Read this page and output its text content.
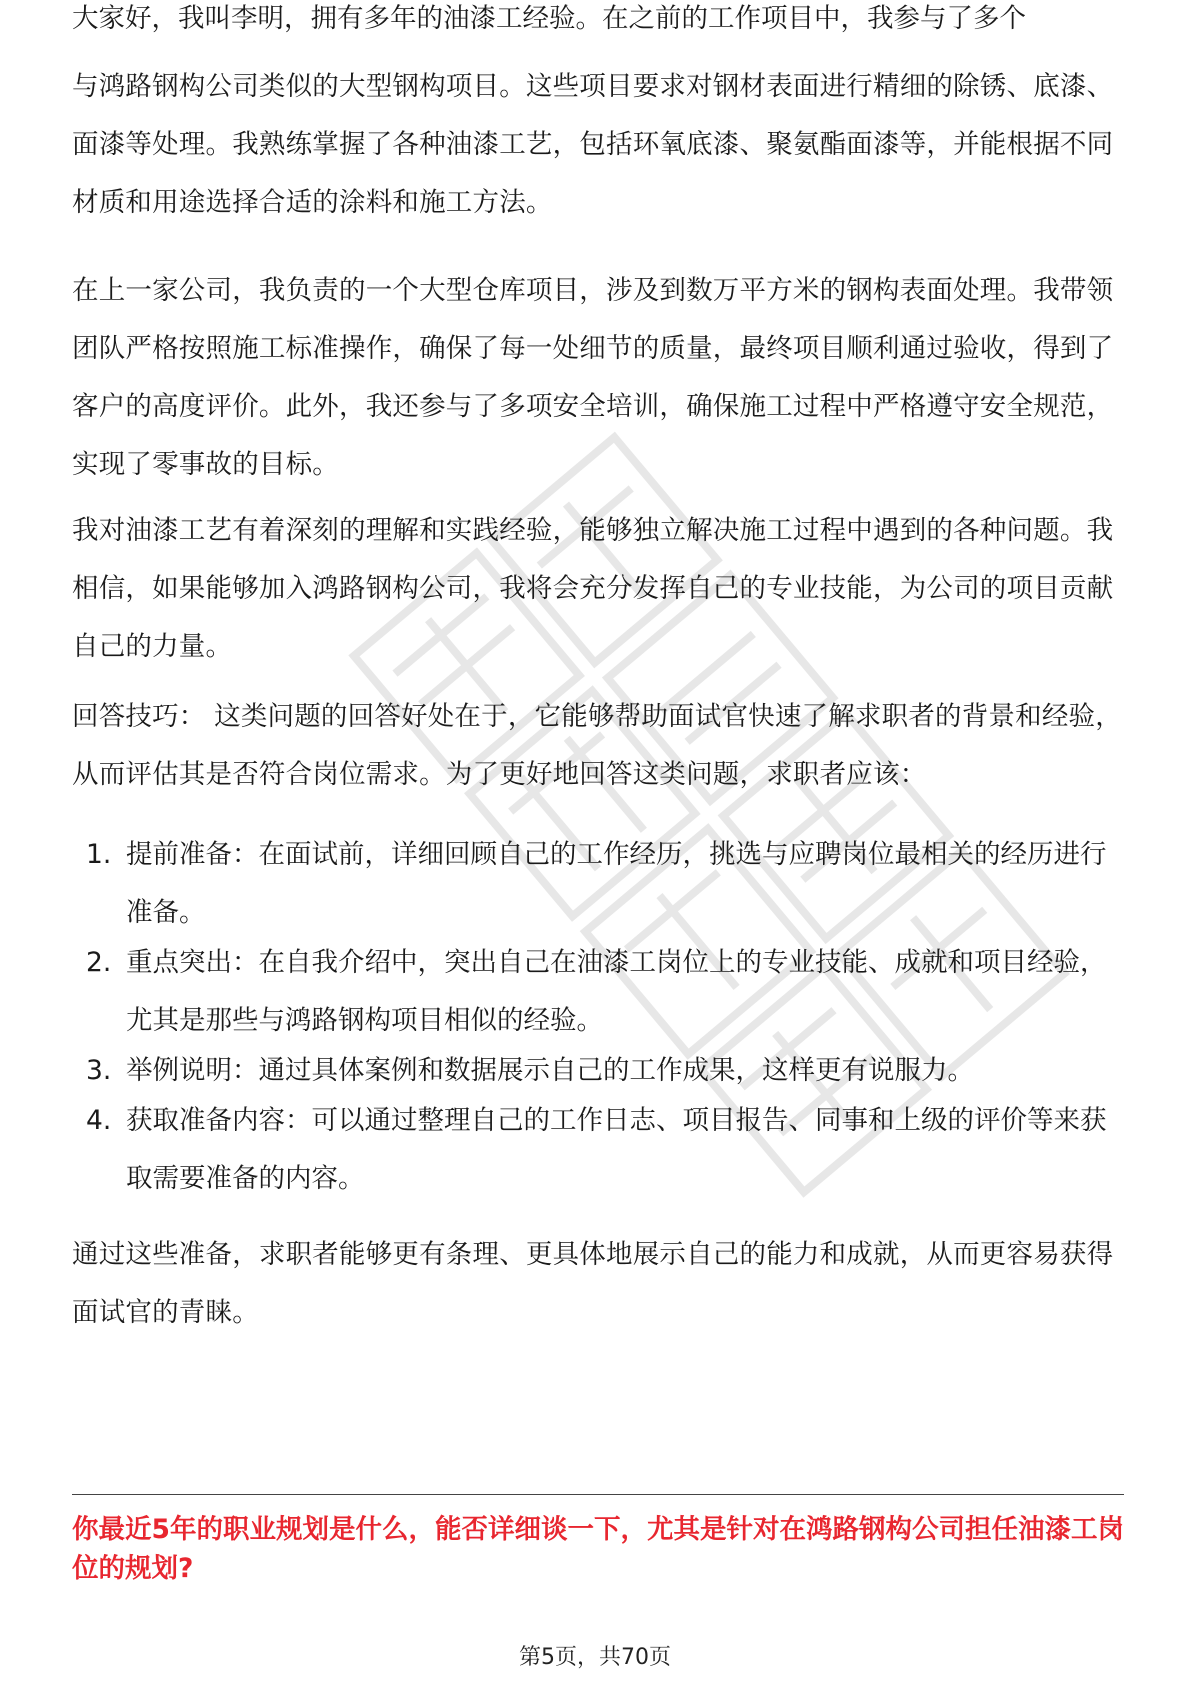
大家好，我叫李明，拥有多年的油漆工经验。在之前的工作项目中，我参与了多个

与鸿路钢构公司类似的大型钢构项目。这些项目要求对钢材表面进行精细的除锈、底漆、面漆等处理。我熟练掌握了各种油漆工艺，包括环氧底漆、聚氨酯面漆等，并能根据不同材质和用途选择合适的涂料和施工方法。

在上一家公司，我负责的一个大型仓库项目，涉及到数万平方米的钢构表面处理。我带领团队严格按照施工标准操作，确保了每一处细节的质量，最终项目顺利通过验收，得到了客户的高度评价。此外，我还参与了多项安全培训，确保施工过程中严格遵守安全规范，实现了零事故的目标。

我对油漆工艺有着深刻的理解和实践经验，能够独立解决施工过程中遇到的各种问题。我相信，如果能够加入鸿路钢构公司，我将会充分发挥自己的专业技能，为公司的项目贡献自己的力量。

回答技巧： 这类问题的回答好处在于，它能够帮助面试官快速了解求职者的背景和经验，从而评估其是否符合岗位需求。为了更好地回答这类问题，求职者应该：

1. 提前准备：在面试前，详细回顾自己的工作经历，挑选与应聘岗位最相关的经历进行准备。
2. 重点突出：在自我介绍中，突出自己在油漆工岗位上的专业技能、成就和项目经验，尤其是那些与鸿路钢构项目相似的经验。
3. 举例说明：通过具体案例和数据展示自己的工作成果，这样更有说服力。
4. 获取准备内容：可以通过整理自己的工作日志、项目报告、同事和上级的评价等来获取需要准备的内容。

通过这些准备，求职者能够更有条理、更具体地展示自己的能力和成就，从而更容易获得面试官的青睐。

你最近5年的职业规划是什么，能否详细谈一下，尤其是针对在鸿路钢构公司担任油漆工岗位的规划?

第5页，共70页
